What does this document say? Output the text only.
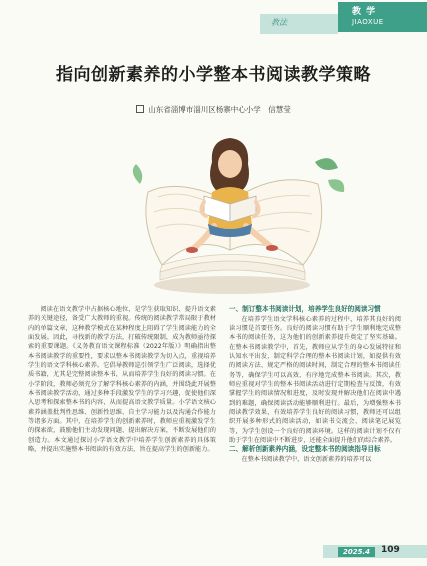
教法
教 学
JIAOXUE
指向创新素养的小学整本书阅读教学策略
山东省淄博市淄川区杨寨中心小学　信慧莹

阅读在语文教学中占据核心地位，是学生获取知识、提升语文素养的关键途径，备受广大教师的重视。传统的阅读教学常局限于教材内的单篇文章，这种教学模式在某种程度上阻碍了学生阅读能力的全面发展。因此，寻找新的教学方法，打破传统限制，成为教师亟待探索的重要课题。《义务教育语文课程标准（2022年版）》明确指出整本书阅读教学的重要性，要求以整本书阅读教学为切入点，重视培养学生的语文学科核心素养。它倡导教师巡引领学生广泛阅读，选择优质书籍，尤其是完整阅读整本书，从而培养学生良好的阅读习惯。在小学阶段，教师必须充分了解学科核心素养的内涵，并围绕此开展整本书阅读教学活动，通过多种手段激发学生的学习兴趣，促使他们深入思考和探索整本书的内容，从而提高语文教学质量。小学语文核心素养涵盖批判性思维、创新性思维、自主学习能力以及沟通合作能力等诸多方面。其中，在培养学生的创新素养时，教师应重视激发学生的探索欲，鼓励他们主动发现问题、提出解决方案，不断发展他们的创造力。本文通过探讨小学语文教学中培养学生创新素养的具体策略，并提出实施整本书阅读的有效方法，旨在提高学生的创新能力。

一、制订整本书阅读计划，培养学生良好的阅读习惯

在培养学生语文学科核心素养的过程中，培养其良好的阅读习惯是首要任务。良好的阅读习惯有助于学生顺利地完成整本书的阅读任务，这为他们的创新素养提升奠定了坚实基础。在整本书阅读教学中，首先，教师应从学生的身心发展特征和认知水平出发，制定科学合理的整本书阅读计划，如提供有效的阅读方法、规定严格的阅读时间，制定合理的整本书阅读任务等，确保学生可以高效、有序地完成整本书阅读。其次，教师应重视对学生的整本书阅读活动进行定期检查与反馈，有效掌握学生的阅读情况和进度，及时发现并解决他们在阅读中遇到的难题，确保阅读活动能够顺利进行。最后，为增强整本书阅读教学效果，有效培养学生良好的阅读习惯，教师还可以组织开展多种形式的阅读活动，如读书交流会、阅读笔记展览等，为学生创设一个良好的阅读环境。这样的阅读计划不仅有助于学生在阅读中不断进步，还能全面提升他们的综合素养。

二、解析创新素养内涵，设定整本书的阅读指导目标

在整本书阅读教学中，语文创新素养的培养可以

2025.4	109
